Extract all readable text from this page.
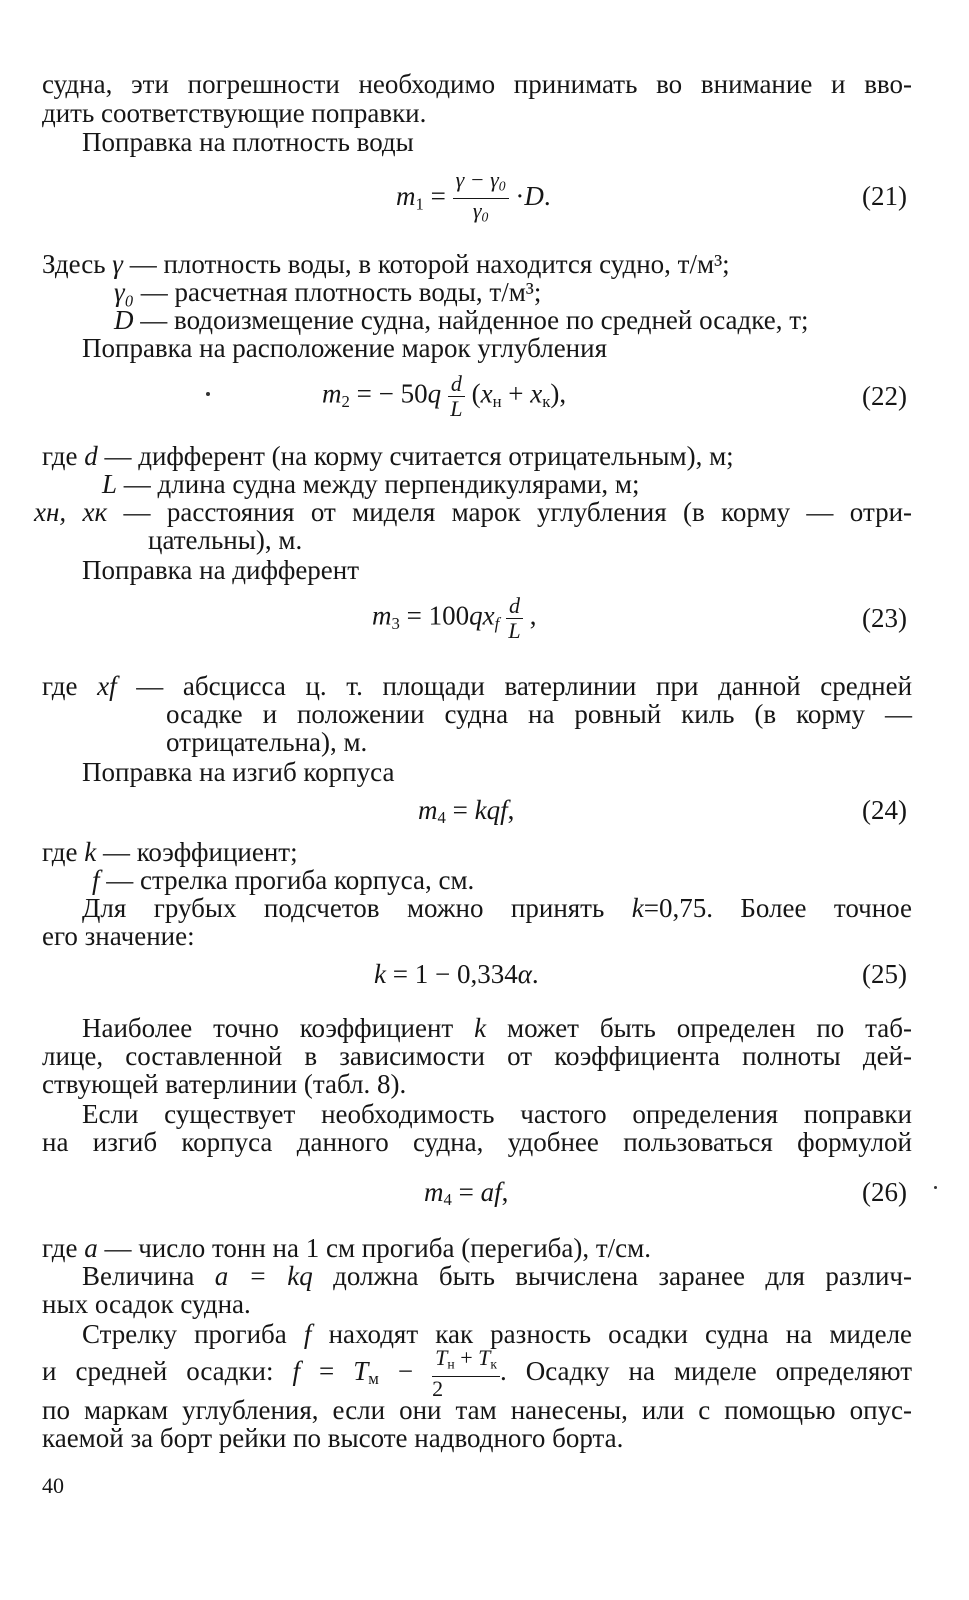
судна, эти погрешности необходимо принимать во внимание и вво-
дить соответствующие поправки.
Поправка на плотность воды
$m_1 = \frac{\gamma - \gamma_0}{\gamma_0} \cdot D$.	(21)
Здесь γ — плотность воды, в которой находится судно, т/м³;
γ₀ — расчетная плотность воды, т/м³;
D — водоизмещение судна, найденное по средней осадке, т;
Поправка на расположение марок углубления
$m_2$ = − $50q \frac{d}{L} (x_н + x_к)$,	(22)
где d — дифферент (на корму считается отрицательным), м;
L — длина судна между перпендикулярами, м;
xн, xк — расстояния от миделя марок углубления (в корму — отри-
цательны), м.
Поправка на дифферент
$m_3 = 100qx_f \frac{d}{L}$ ,	(23)
где xf — абсцисса ц. т. площади ватерлинии при данной средней
осадке и положении судна на ровный киль (в корму —
отрицательна), м.
Поправка на изгиб корпуса
$m_4$ = kqf,	(24)
где k — коэффициент;
f — стрелка прогиба корпуса, см.
Для грубых подсчетов можно принять k=0,75. Более точное
его значение:
k = 1 − 0,334α.	(25)
Наиболее точно коэффициент k может быть определен по таб-
лице, составленной в зависимости от коэффициента полноты дей-
ствующей ватерлинии (табл. 8).
Если существует необходимость частого определения поправки
на изгиб корпуса данного судна, удобнее пользоваться формулой
$m_4$ = af,	(26)
где a — число тонн на 1 см прогиба (перегиба), т/см.
Величина a = kq должна быть вычислена заранее для различ-
ных осадок судна.
Стрелку прогиба f находят как разность осадки судна на миделе
и средней осадки: $f = T_м - \frac{T_н + T_к}{2}$ . Осадку на миделе определяют
по маркам углубления, если они там нанесены, или с помощью опус-
каемой за борт рейки по высоте надводного борта.
40
